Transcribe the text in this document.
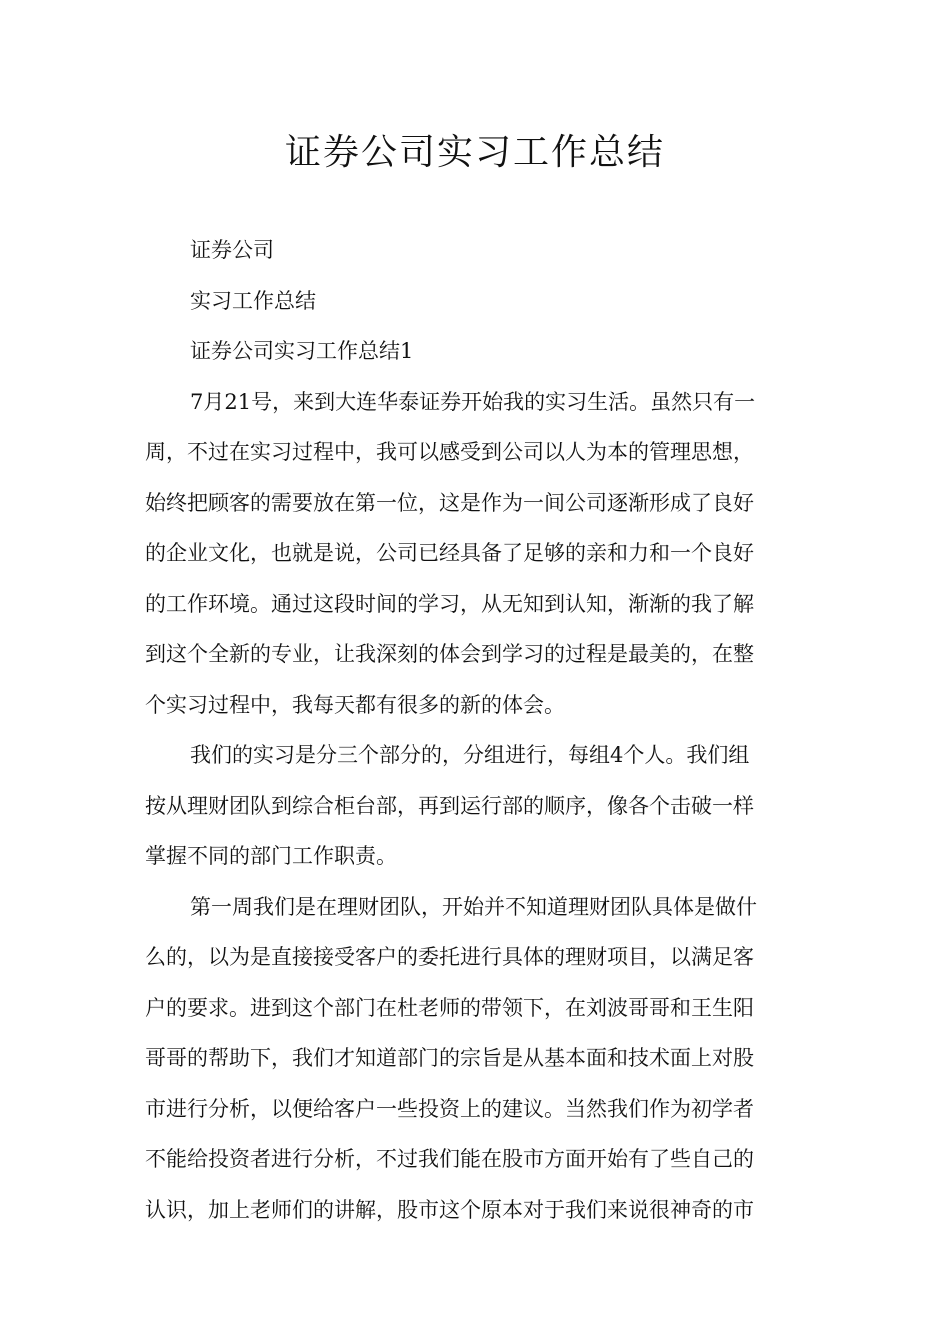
证券公司实习工作总结

证券公司

实习工作总结

证券公司实习工作总结1

7月21号，来到大连华泰证券开始我的实习生活。虽然只有一
周，不过在实习过程中，我可以感受到公司以人为本的管理思想，
始终把顾客的需要放在第一位，这是作为一间公司逐渐形成了良好
的企业文化，也就是说，公司已经具备了足够的亲和力和一个良好
的工作环境。通过这段时间的学习，从无知到认知，渐渐的我了解
到这个全新的专业，让我深刻的体会到学习的过程是最美的，在整
个实习过程中，我每天都有很多的新的体会。

我们的实习是分三个部分的，分组进行，每组4个人。我们组
按从理财团队到综合柜台部，再到运行部的顺序，像各个击破一样
掌握不同的部门工作职责。

第一周我们是在理财团队，开始并不知道理财团队具体是做什
么的，以为是直接接受客户的委托进行具体的理财项目，以满足客
户的要求。进到这个部门在杜老师的带领下，在刘波哥哥和王生阳
哥哥的帮助下，我们才知道部门的宗旨是从基本面和技术面上对股
市进行分析，以便给客户一些投资上的建议。当然我们作为初学者
不能给投资者进行分析，不过我们能在股市方面开始有了些自己的
认识，加上老师们的讲解，股市这个原本对于我们来说很神奇的市
